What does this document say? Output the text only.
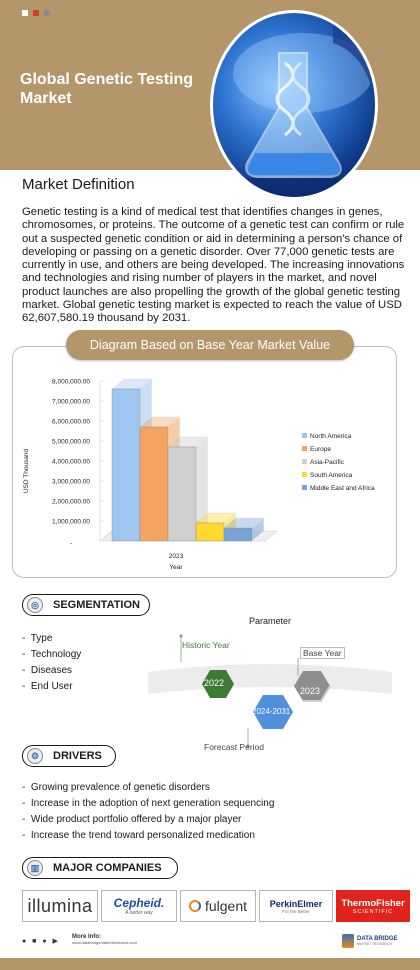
Global Genetic Testing Market
Market Definition
Genetic testing is a kind of medical test that identifies changes in genes, chromosomes, or proteins. The outcome of a genetic test can confirm or rule out a suspected genetic condition or aid in determining a person's chance of developing or passing on a genetic disorder. Over 77,000 genetic tests are currently in use, and others are being developed. The increasing innovations and technologies and rising number of players in the market, and novel product launches are also propelling the growth of the global genetic testing market. Global genetic testing market is expected to reach the value of USD 62,607,580.19 thousand by 2031.
Diagram Based on Base Year Market Value
1,000,000.00
2,000,000.00
3,000,000.00
4,000,000.00
5,000,000.00
6,000,000.00
7,000,000.00
8,000,000.00
-
2023
Year
USD Thousand
North America
Europe
Asia-Pacific
South America
Middle East and Africa
◎	SEGMENTATION
-  Type
-  Technology
-  Diseases
-  End User
Parameter
Historic Year
Base Year
2022
2023
2024-2031
Forecast Period
⚙	DRIVERS
-  Growing prevalence of genetic disorders
-  Increase in the adoption of next generation sequencing
-  Wide product portfolio offered by a major player
-  Increase the trend toward personalized medication
▥	MAJOR COMPANIES
illumina Cepheid.
A better way	fulgent	PerkinElmer
For the Better
ThermoFisher
SCIENTIFIC
● ■ ● ▶
More Info:
www.databridgemarketresearch.com
DATA BRIDGE
MARKET RESEARCH
